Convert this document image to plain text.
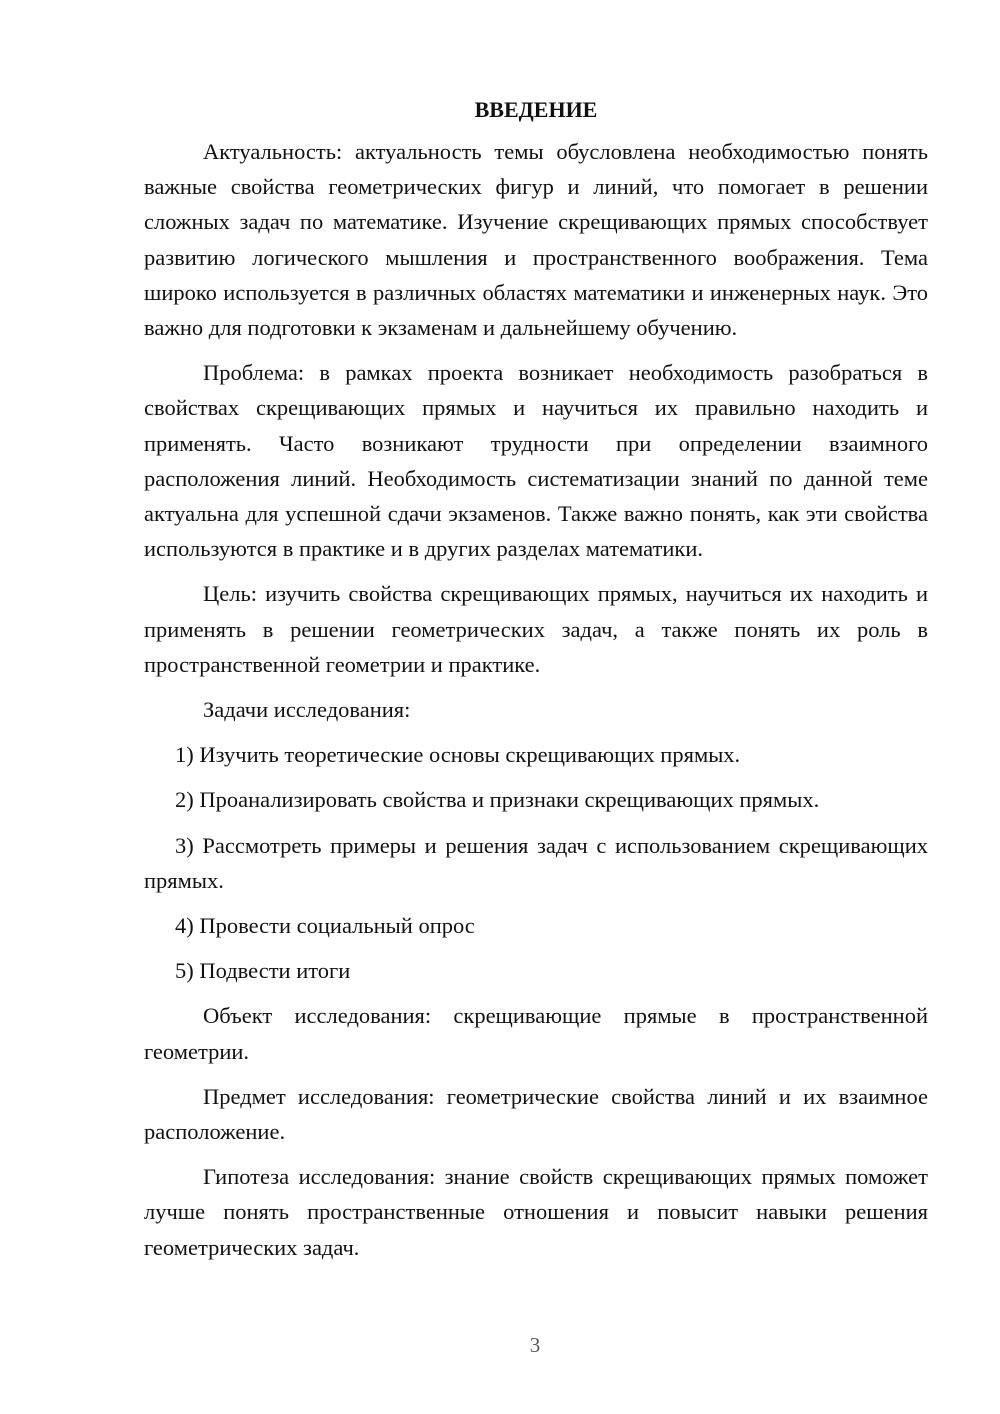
ВВЕДЕНИЕ

Актуальность: актуальность темы обусловлена необходимостью понять важные свойства геометрических фигур и линий, что помогает в решении сложных задач по математике. Изучение скрещивающих прямых способствует развитию логического мышления и пространственного воображения. Тема широко используется в различных областях математики и инженерных наук. Это важно для подготовки к экзаменам и дальнейшему обучению.

Проблема: в рамках проекта возникает необходимость разобраться в свойствах скрещивающих прямых и научиться их правильно находить и применять. Часто возникают трудности при определении взаимного расположения линий. Необходимость систематизации знаний по данной теме актуальна для успешной сдачи экзаменов. Также важно понять, как эти свойства используются в практике и в других разделах математики.

Цель: изучить свойства скрещивающих прямых, научиться их находить и применять в решении геометрических задач, а также понять их роль в пространственной геометрии и практике.

Задачи исследования:

1) Изучить теоретические основы скрещивающих прямых.

2) Проанализировать свойства и признаки скрещивающих прямых.

3) Рассмотреть примеры и решения задач с использованием скрещивающих прямых.

4) Провести социальный опрос

5) Подвести итоги

Объект исследования: скрещивающие прямые в пространственной геометрии.

Предмет исследования: геометрические свойства линий и их взаимное расположение.

Гипотеза исследования: знание свойств скрещивающих прямых поможет лучше понять пространственные отношения и повысит навыки решения геометрических задач.

3
